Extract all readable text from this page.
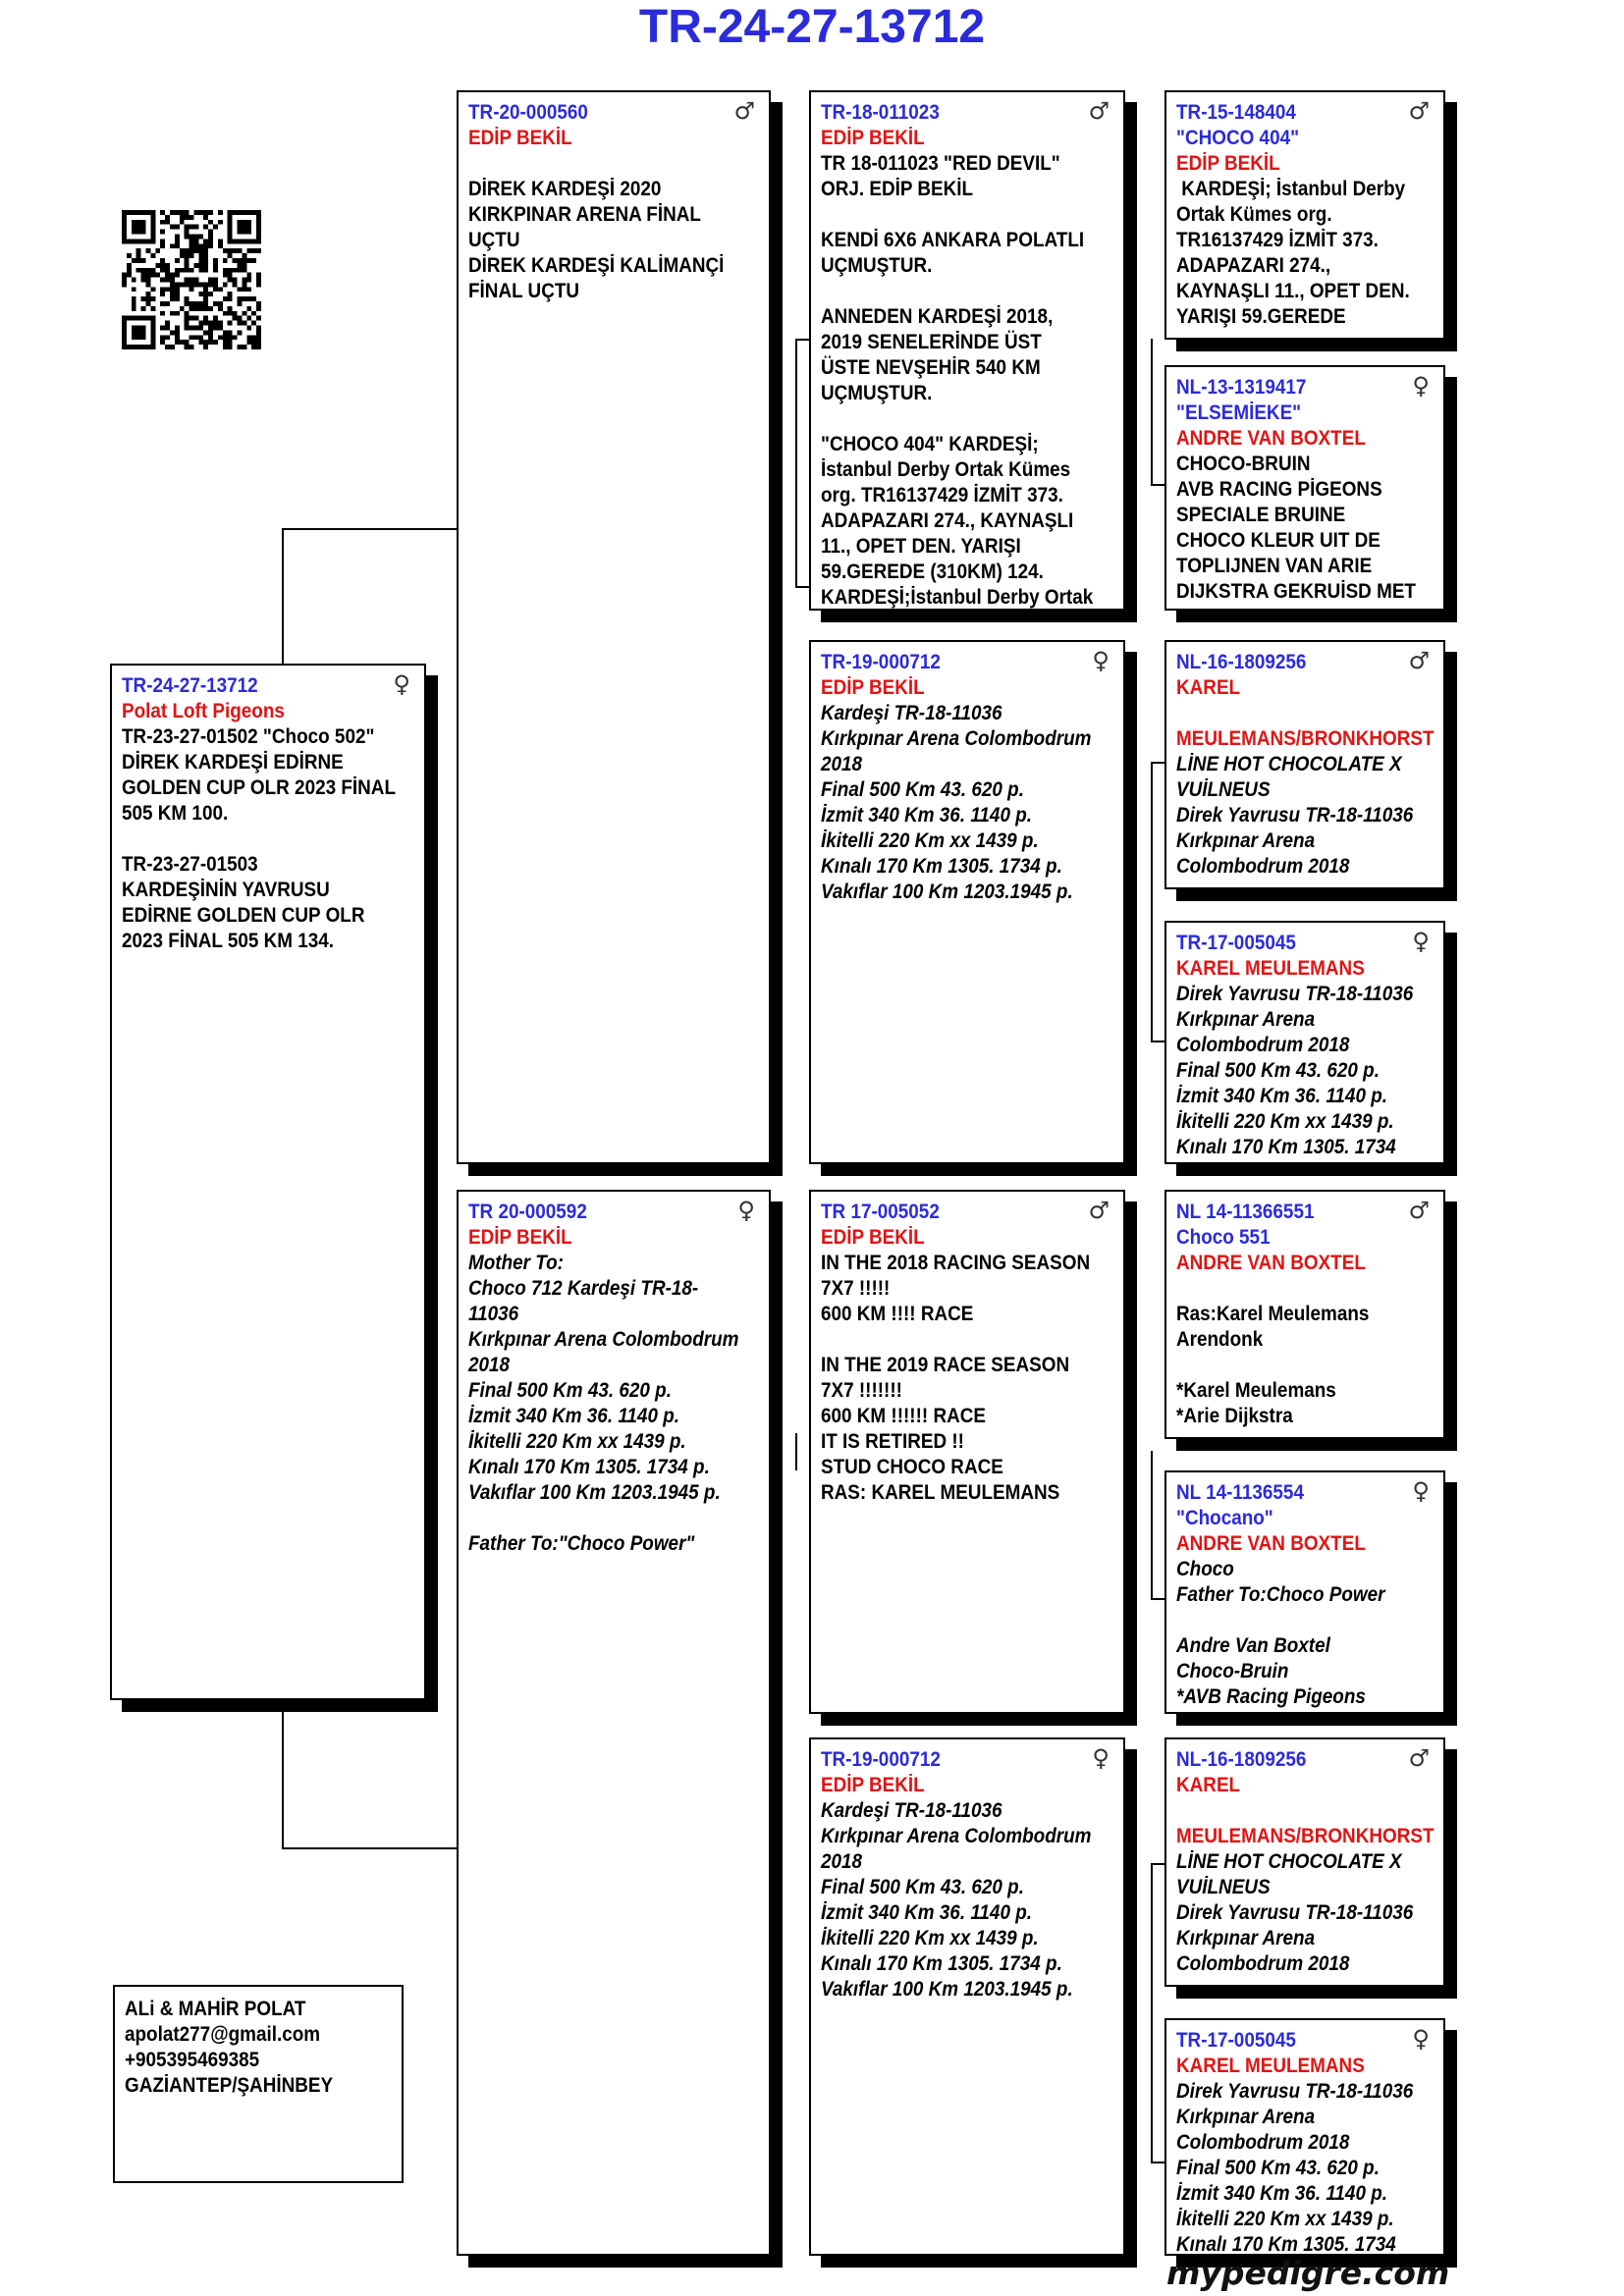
TR-24-27-13712
♀
TR-24-27-13712
Polat Loft Pigeons
TR-23-27-01502 "Choco 502"
DİREK KARDEŞİ EDİRNE
GOLDEN CUP OLR 2023 FİNAL
505 KM 100.

TR-23-27-01503
KARDEŞİNİN YAVRUSU
EDİRNE GOLDEN CUP OLR
2023 FİNAL 505 KM 134.
♂
TR-20-000560
EDİP BEKİL

DİREK KARDEŞİ 2020
KIRKPINAR ARENA FİNAL
UÇTU
DİREK KARDEŞİ KALİMANÇİ
FİNAL UÇTU
♀
TR 20-000592
EDİP BEKİL
Mother To:
Choco 712 Kardeşi TR-18-
11036
Kırkpınar Arena Colombodrum
2018
Final 500 Km 43. 620 p.
İzmit 340 Km 36. 1140 p.
İkitelli 220 Km xx 1439 p.
Kınalı 170 Km 1305. 1734 p.
Vakıflar 100 Km 1203.1945 p.

Father To:"Choco Power"
♂
TR-18-011023
EDİP BEKİL
TR 18-011023 "RED DEVIL"
ORJ. EDİP BEKİL

KENDİ 6X6 ANKARA POLATLI
UÇMUŞTUR.

ANNEDEN KARDEŞİ 2018,
2019 SENELERİNDE ÜST
ÜSTE NEVŞEHİR 540 KM
UÇMUŞTUR.

"CHOCO 404" KARDEŞİ;
İstanbul Derby Ortak Kümes
org. TR16137429 İZMİT 373.
ADAPAZARI 274., KAYNAŞLI
11., OPET DEN. YARIŞI
59.GEREDE (310KM) 124.
KARDEŞİ;İstanbul Derby Ortak
♀
TR-19-000712
EDİP BEKİL
Kardeşi TR-18-11036
Kırkpınar Arena Colombodrum
2018
Final 500 Km 43. 620 p.
İzmit 340 Km 36. 1140 p.
İkitelli 220 Km xx 1439 p.
Kınalı 170 Km 1305. 1734 p.
Vakıflar 100 Km 1203.1945 p.
♂
TR 17-005052
EDİP BEKİL
IN THE 2018 RACING SEASON
7X7 !!!!!
600 KM !!!! RACE

IN THE 2019 RACE SEASON
7X7 !!!!!!!
600 KM !!!!!! RACE
IT IS RETIRED !!
STUD CHOCO RACE
RAS: KAREL MEULEMANS
♀
TR-19-000712
EDİP BEKİL
Kardeşi TR-18-11036
Kırkpınar Arena Colombodrum
2018
Final 500 Km 43. 620 p.
İzmit 340 Km 36. 1140 p.
İkitelli 220 Km xx 1439 p.
Kınalı 170 Km 1305. 1734 p.
Vakıflar 100 Km 1203.1945 p.
♂
TR-15-148404
"CHOCO 404"
EDİP BEKİL
KARDEŞİ; İstanbul Derby
Ortak Kümes org.
TR16137429 İZMİT 373.
ADAPAZARI 274.,
KAYNAŞLI 11., OPET DEN.
YARIŞI 59.GEREDE
♀
NL-13-1319417
"ELSEMİEKE"
ANDRE VAN BOXTEL
CHOCO-BRUIN
AVB RACING PİGEONS
SPECIALE BRUINE
CHOCO KLEUR UIT DE
TOPLIJNEN VAN ARIE
DIJKSTRA GEKRUİSD MET
♂
NL-16-1809256
KAREL

MEULEMANS/BRONKHORST
LİNE HOT CHOCOLATE X
VUİLNEUS
Direk Yavrusu TR-18-11036
Kırkpınar Arena
Colombodrum 2018
♀
TR-17-005045
KAREL MEULEMANS
Direk Yavrusu TR-18-11036
Kırkpınar Arena
Colombodrum 2018
Final 500 Km 43. 620 p.
İzmit 340 Km 36. 1140 p.
İkitelli 220 Km xx 1439 p.
Kınalı 170 Km 1305. 1734
♂
NL 14-11366551
Choco 551
ANDRE VAN BOXTEL

Ras:Karel Meulemans
Arendonk

*Karel Meulemans
*Arie Dijkstra
♀
NL 14-1136554
"Chocano"
ANDRE VAN BOXTEL
Choco
Father To:Choco Power

Andre Van Boxtel
Choco-Bruin
*AVB Racing Pigeons
♂
NL-16-1809256
KAREL

MEULEMANS/BRONKHORST
LİNE HOT CHOCOLATE X
VUİLNEUS
Direk Yavrusu TR-18-11036
Kırkpınar Arena
Colombodrum 2018
♀
TR-17-005045
KAREL MEULEMANS
Direk Yavrusu TR-18-11036
Kırkpınar Arena
Colombodrum 2018
Final 500 Km 43. 620 p.
İzmit 340 Km 36. 1140 p.
İkitelli 220 Km xx 1439 p.
Kınalı 170 Km 1305. 1734
ALi & MAHİR POLAT
apolat277@gmail.com
+905395469385
GAZİANTEP/ŞAHİNBEY
mypedigre.com
